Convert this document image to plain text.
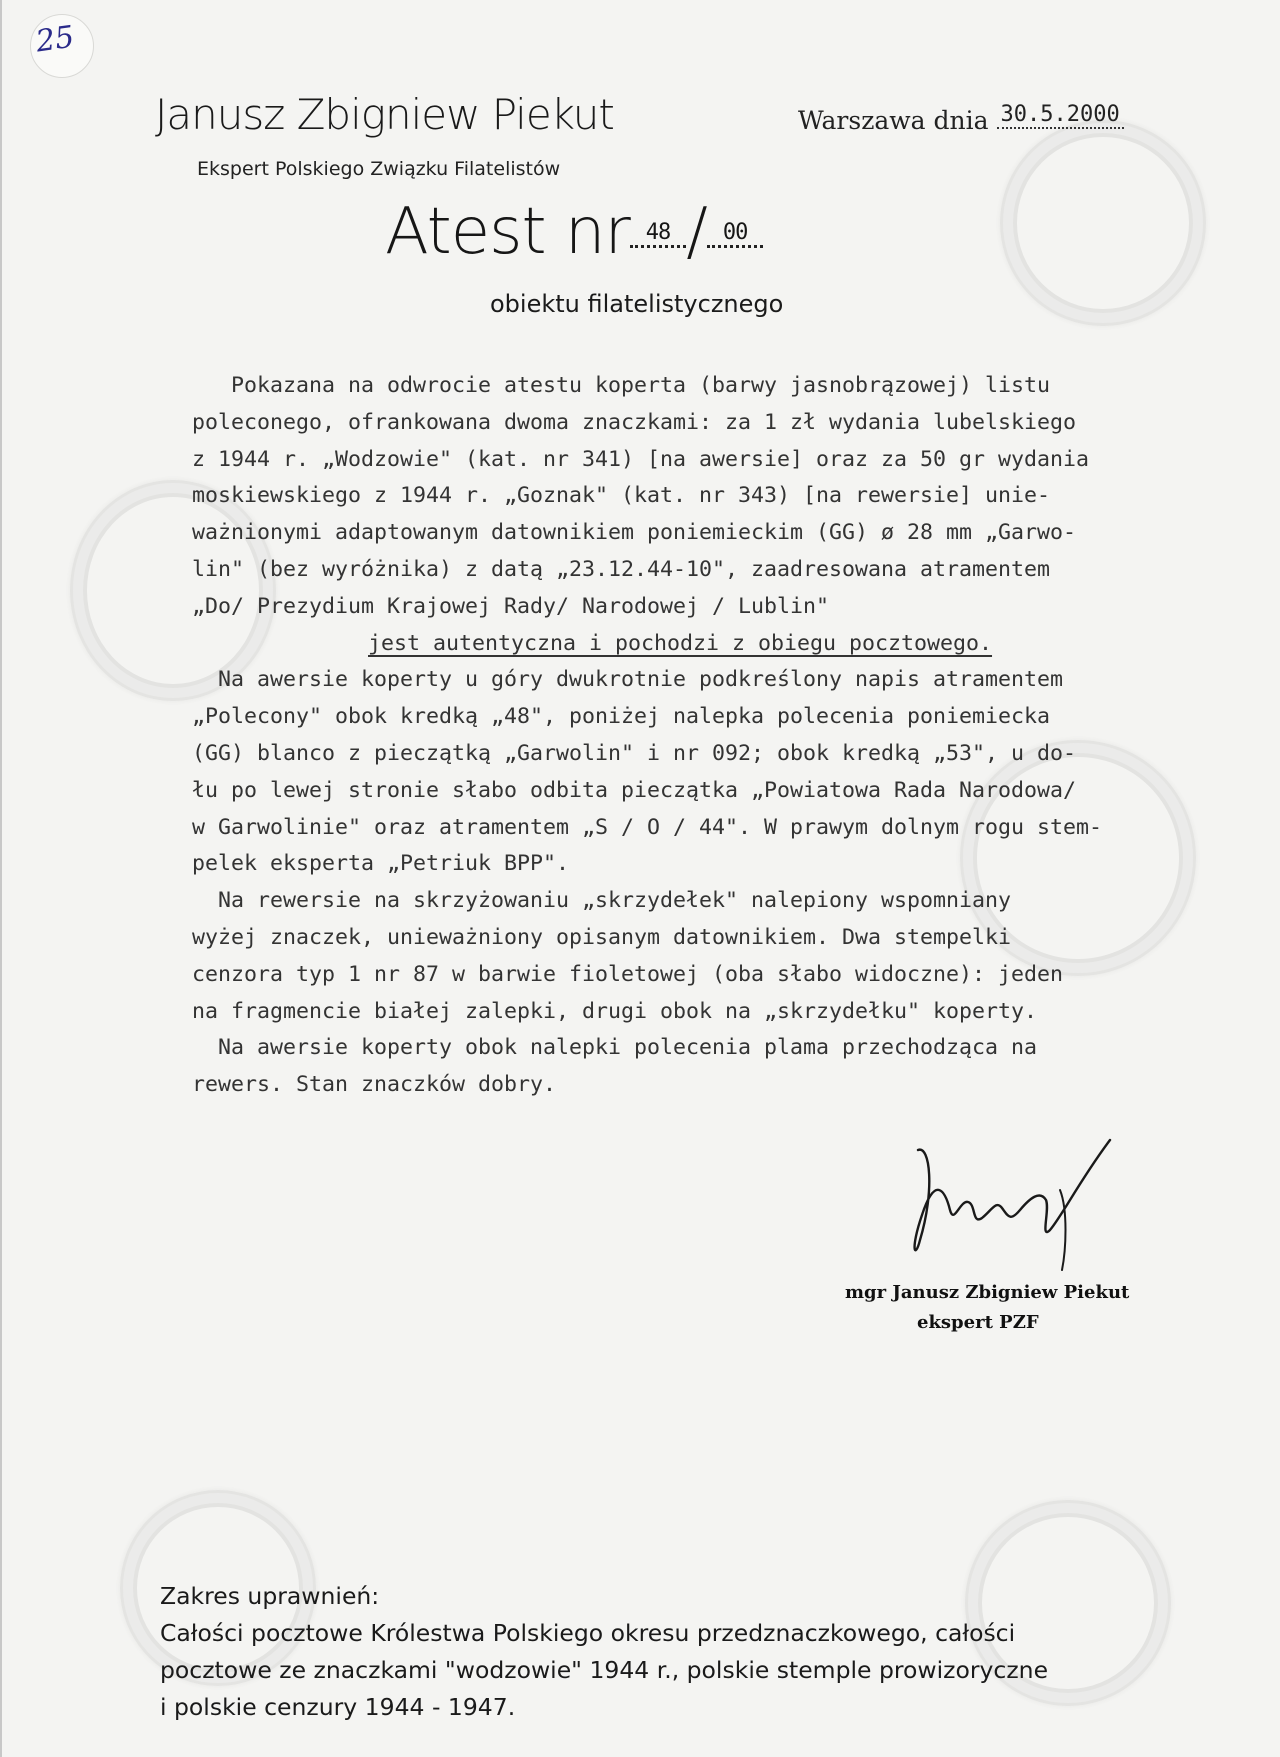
25
Janusz Zbigniew Piekut
Ekspert Polskiego Związku Filatelistów
Warszawa dnia 30.5.2000
Atest nr $^{48}$ / $^{00}$
obiektu filatelistycznego
Pokazana na odwrocie atestu koperta (barwy jasnobrązowej) listu
poleconego, ofrankowana dwoma znaczkami: za 1 zł wydania lubelskiego
z 1944 r. „Wodzowie" (kat. nr 341) [na awersie] oraz za 50 gr wydania
moskiewskiego z 1944 r. „Goznak" (kat. nr 343) [na rewersie] unie-
ważnionymi adaptowanym datownikiem poniemieckim (GG) ø 28 mm „Garwo-
lin" (bez wyróżnika) z datą „23.12.44-10", zaadresowana atramentem
„Do/ Prezydium Krajowej Rady/ Narodowej / Lublin"
jest autentyczna i pochodzi z obiegu pocztowego.
Na awersie koperty u góry dwukrotnie podkreślony napis atramentem
„Polecony" obok kredką „48", poniżej nalepka polecenia poniemiecka
(GG) blanco z pieczątką „Garwolin" i nr 092; obok kredką „53", u do-
łu po lewej stronie słabo odbita pieczątka „Powiatowa Rada Narodowa/
w Garwolinie" oraz atramentem „S / O / 44". W prawym dolnym rogu stem-
pelek eksperta „Petriuk BPP".
Na rewersie na skrzyżowaniu „skrzydełek" nalepiony wspomniany
wyżej znaczek, unieważniony opisanym datownikiem. Dwa stempelki
cenzora typ 1 nr 87 w barwie fioletowej (oba słabo widoczne): jeden
na fragmencie białej zalepki, drugi obok na „skrzydełku" koperty.
Na awersie koperty obok nalepki polecenia plama przechodząca na
rewers. Stan znaczków dobry.
mgr Janusz Zbigniew Piekut
ekspert PZF
Zakres uprawnień:
Całości pocztowe Królestwa Polskiego okresu przedznaczkowego, całości
pocztowe ze znaczkami "wodzowie" 1944 r., polskie stemple prowizoryczne
i polskie cenzury 1944 - 1947.
